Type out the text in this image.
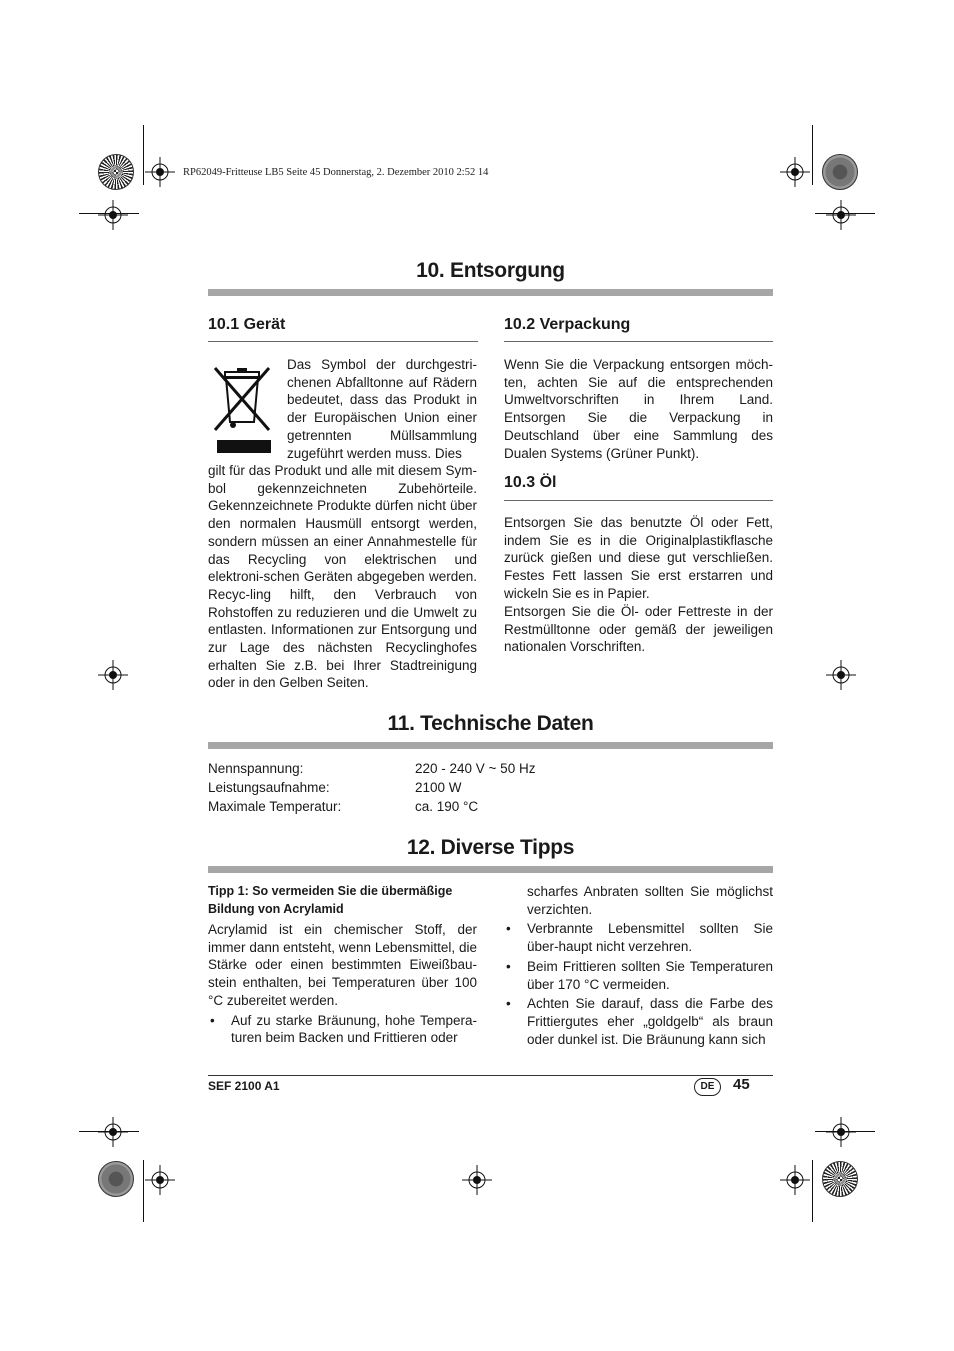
RP62049-Fritteuse LB5 Seite 45 Donnerstag, 2. Dezember 2010 2:52 14
10. Entsorgung
10.1 Gerät
Das Symbol der durchgestri-chenen Abfalltonne auf Rädern bedeutet, dass das Produkt in der Europäischen Union einer getrennten Müllsammlung zugeführt werden muss. Dies
gilt für das Produkt und alle mit diesem Sym-bol gekennzeichneten Zubehörteile. Gekennzeichnete Produkte dürfen nicht über den normalen Hausmüll entsorgt werden, sondern müssen an einer Annahmestelle für das Recycling von elektrischen und elektroni-schen Geräten abgegeben werden. Recyc-ling hilft, den Verbrauch von Rohstoffen zu reduzieren und die Umwelt zu entlasten. Informationen zur Entsorgung und zur Lage des nächsten Recyclinghofes erhalten Sie z.B. bei Ihrer Stadtreinigung oder in den Gelben Seiten.
10.2 Verpackung
Wenn Sie die Verpackung entsorgen möch-ten, achten Sie auf die entsprechenden Umweltvorschriften in Ihrem Land. Entsorgen Sie die Verpackung in Deutschland über eine Sammlung des Dualen Systems (Grüner Punkt).
10.3 Öl
Entsorgen Sie das benutzte Öl oder Fett, indem Sie es in die Originalplastikflasche zurück gießen und diese gut verschließen. Festes Fett lassen Sie erst erstarren und wickeln Sie es in Papier.
Entsorgen Sie die Öl- oder Fettreste in der Restmülltonne oder gemäß der jeweiligen nationalen Vorschriften.
11. Technische Daten
Nennspannung:	220 - 240 V ~ 50 Hz
Leistungsaufnahme:	2100 W
Maximale Temperatur:	ca. 190 °C
12. Diverse Tipps

Tipp 1: So vermeiden Sie die übermäßige Bildung von Acrylamid

Acrylamid ist ein chemischer Stoff, der immer dann entsteht, wenn Lebensmittel, die Stärke oder einen bestimmten Eiweißbau-stein enthalten, bei Temperaturen über 100 °C zubereitet werden.

• Auf zu starke Bräunung, hohe Tempera-turen beim Backen und Frittieren oder

scharfes Anbraten sollten Sie möglichst verzichten.

• Verbrannte Lebensmittel sollten Sie über-haupt nicht verzehren.

• Beim Frittieren sollten Sie Temperaturen über 170 °C vermeiden.

• Achten Sie darauf, dass die Farbe des Frittiergutes eher „goldgelb“ als braun oder dunkel ist. Die Bräunung kann sich

SEF 2100 A1	DE	45
